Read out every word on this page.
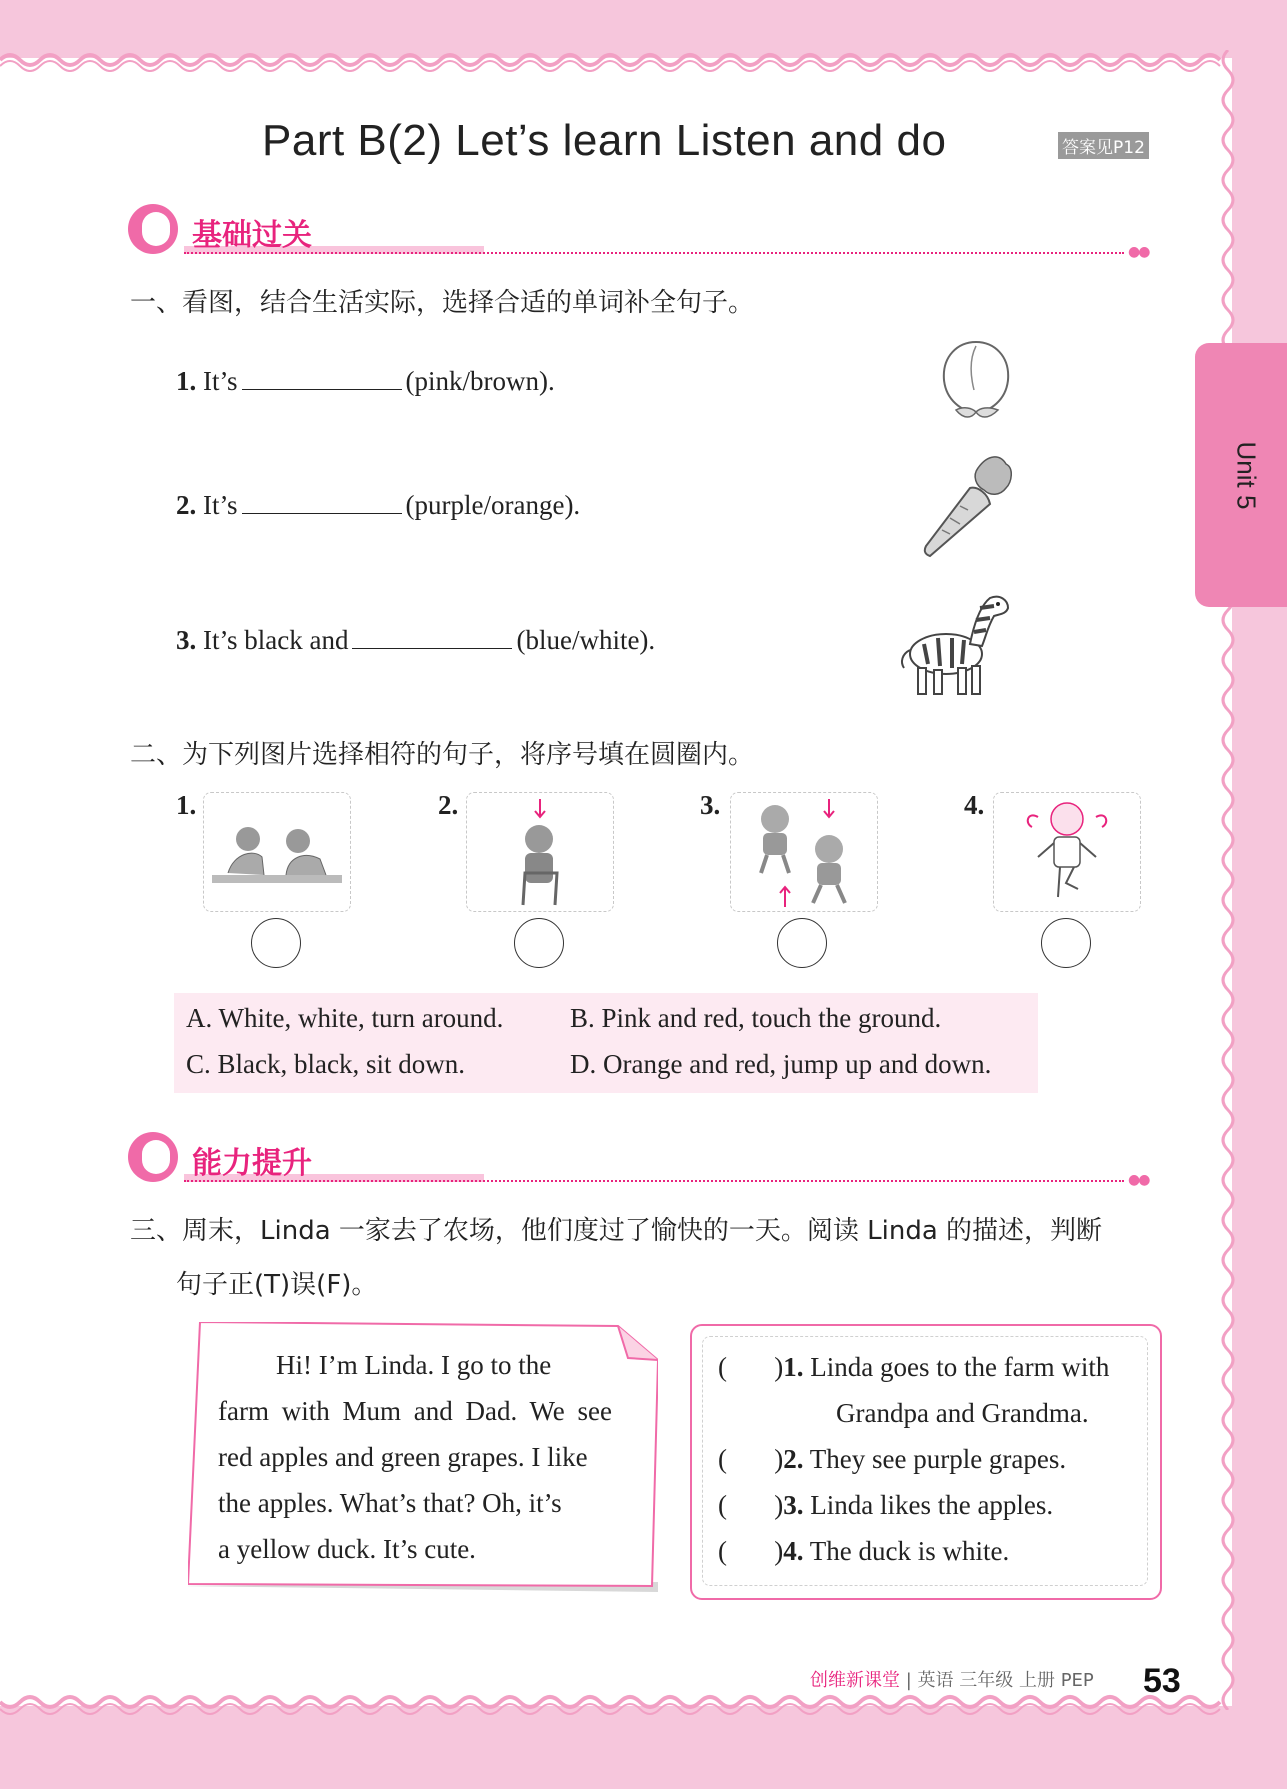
Unit 5
Part B(2) Let’s learn Listen and do	答案见P12
基础过关	●●
一、看图，结合生活实际，选择合适的单词补全句子。
1. It’s	(pink/brown).
2. It’s	(purple/orange).
3. It’s black and	(blue/white).
二、为下列图片选择相符的句子，将序号填在圆圈内。
1.	2.	3.	4.
A. White, white, turn around. B. Pink and red, touch the ground.
C. Black, black, sit down.	D. Orange and red, jump up and down.
能力提升	●●
三、周末，Linda 一家去了农场，他们度过了愉快的一天。阅读 Linda 的描述，判断
句子正(T)误(F)。
Hi! I’m Linda. I go to the
farm with Mum and Dad. We see
red apples and green grapes. I like
the apples. What’s that? Oh, it’s
a yellow duck. It’s cute.
(       )1. Linda goes to the farm with
Grandpa and Grandma.
(       )2. They see purple grapes.
(       )3. Linda likes the apples.
(       )4. The duck is white.
创维新课堂 | 英语 三年级 上册 PEP 53
